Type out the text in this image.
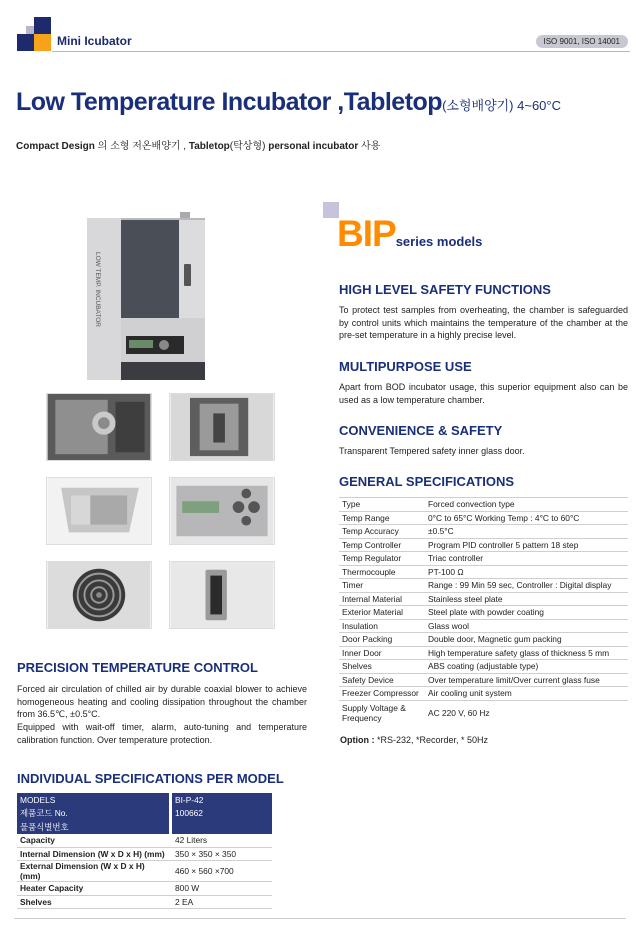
Mini Icubator	ISO 9001, ISO 14001
Low Temperature Incubator ,Tabletop(소형배양기) 4~60°C
Compact Design 의 소형 저온배양기 , Tabletop(탁상형) personal incubator 사용
LOW TEMP. INCUBATOR
BIPseries models
HIGH LEVEL SAFETY FUNCTIONS
To protect test samples from overheating, the chamber is safeguarded by control units which maintains the temperature of the chamber at the pre-set temperature in a highly precise level.
MULTIPURPOSE USE
Apart from BOD incubator usage, this superior equipment also can be used as a low temperature chamber.
CONVENIENCE & SAFETY
Transparent Tempered safety inner glass door.
GENERAL SPECIFICATIONS
Type	Forced convection type
Temp Range	0°C to 65°C Working Temp : 4°C to 60°C
Temp Accuracy	±0.5°C
Temp Controller	Program PID controller 5 pattern 18 step
Temp Regulator	Triac controller
Thermocouple	PT-100 Ω
Timer	Range : 99 Min 59 sec, Controller : Digital display
Internal Material	Stainless steel plate
Exterior Material	Steel plate with powder coating
Insulation	Glass wool
Door Packing	Double door, Magnetic gum packing
Inner Door	High temperature safety glass of thickness 5 mm
Shelves	ABS coating (adjustable type)
Safety Device	Over temperature limit/Over current glass fuse
Freezer Compressor	Air cooling unit system
Supply Voltage & Frequency	AC 220 V, 60 Hz
Option : *RS-232, *Recorder, * 50Hz
PRECISION TEMPERATURE CONTROL
Forced air circulation of chilled air by durable coaxial blower to achieve homogeneous heating and cooling dissipation throughout the chamber from 36.5℃, ±0.5°C.
Equipped with wait-off timer, alarm, auto-tuning and temperature calibration function. Over temperature protection.
INDIVIDUAL SPECIFICATIONS PER MODEL
MODELS		BI-P-42
제품코드 No.		100662
물품식별번호		
Capacity		42 Liters
Internal Dimension (W x D x H) (mm)		350 × 350 × 350
External Dimension (W x D x H) (mm)		460 × 560 ×700
Heater Capacity		800 W
Shelves		2 EA
